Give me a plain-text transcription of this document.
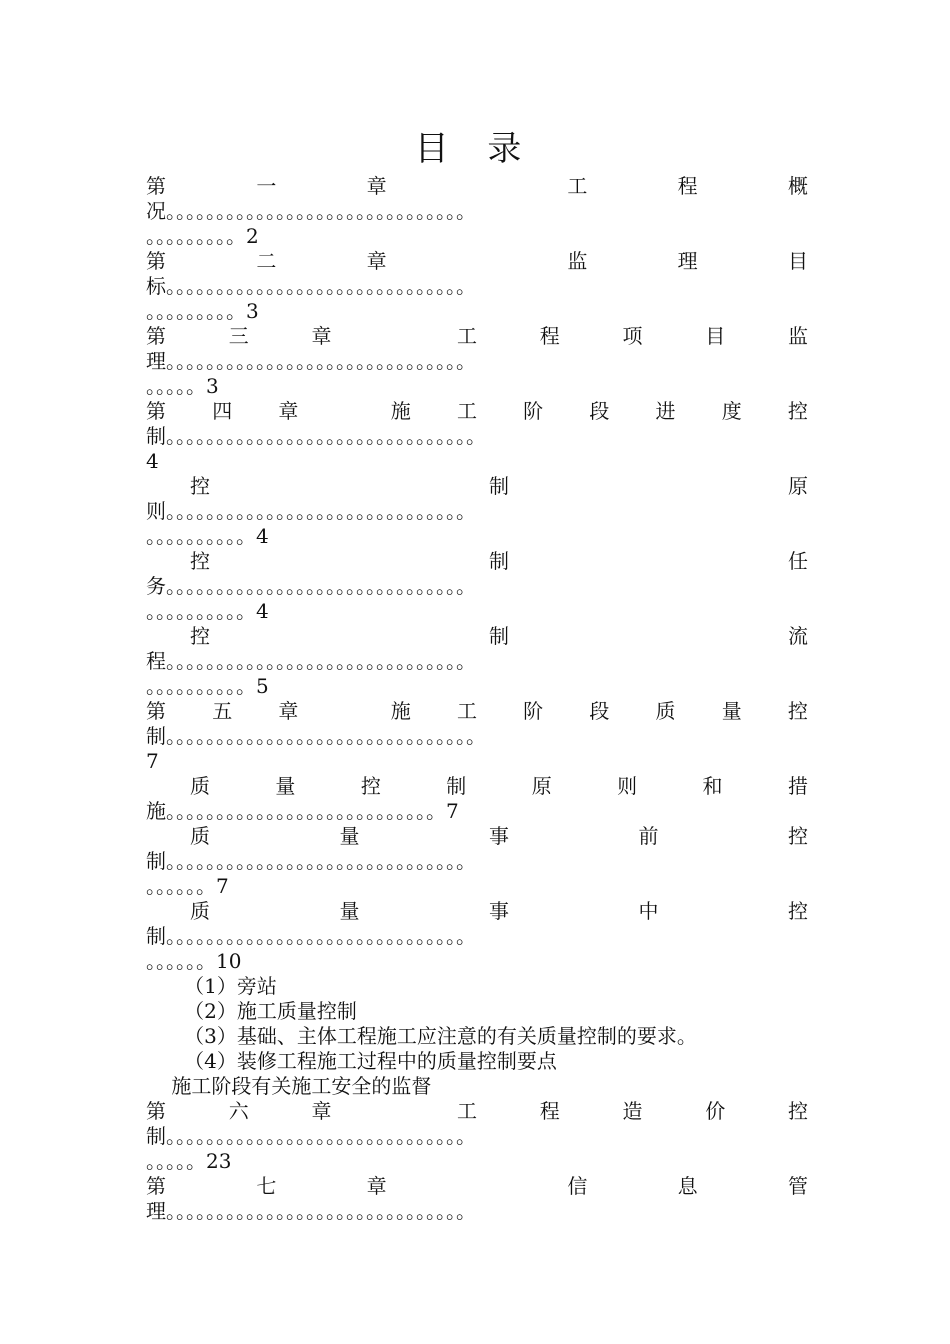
目 录
第	一	章	工	程	概
况。。。。。。。。。。。。。。。。。。。。。。。。。。。。。。
。。。。。。。。。2
第	二	章	监	理	目
标。。。。。。。。。。。。。。。。。。。。。。。。。。。。。。
。。。。。。。。。3
第	三	章	工	程	项	目	监
理。。。。。。。。。。。。。。。。。。。。。。。。。。。。。。
。。。。。3
第 四 章	施 工 阶 段 进 度 控
制。。。。。。。。。。。。。。。。。。。。。。。。。。。。。。。
4
控	制	原
则。。。。。。。。。。。。。。。。。。。。。。。。。。。。。。
。。。。。。。。。。4
控	制	任
务。。。。。。。。。。。。。。。。。。。。。。。。。。。。。。
。。。。。。。。。。4
控	制	流
程。。。。。。。。。。。。。。。。。。。。。。。。。。。。。。
。。。。。。。。。。5
第 五 章	施 工 阶 段 质 量 控
制。。。。。。。。。。。。。。。。。。。。。。。。。。。。。。。
7
质	量	控	制	原	则	和	措
施。。。。。。。。。。。。。。。。。。。。。。。。。。。7
质	量	事	前	控
制。。。。。。。。。。。。。。。。。。。。。。。。。。。。。。
。。。。。。7
质	量	事	中	控
制。。。。。。。。。。。。。。。。。。。。。。。。。。。。。。
。。。。。。10
（1）旁站
（2）施工质量控制
（3）基础、主体工程施工应注意的有关质量控制的要求。
（4）装修工程施工过程中的质量控制要点
施工阶段有关施工安全的监督
第	六	章	工	程	造	价	控
制。。。。。。。。。。。。。。。。。。。。。。。。。。。。。。
。。。。。23
第	七	章	信	息	管
理。。。。。。。。。。。。。。。。。。。。。。。。。。。。。。
